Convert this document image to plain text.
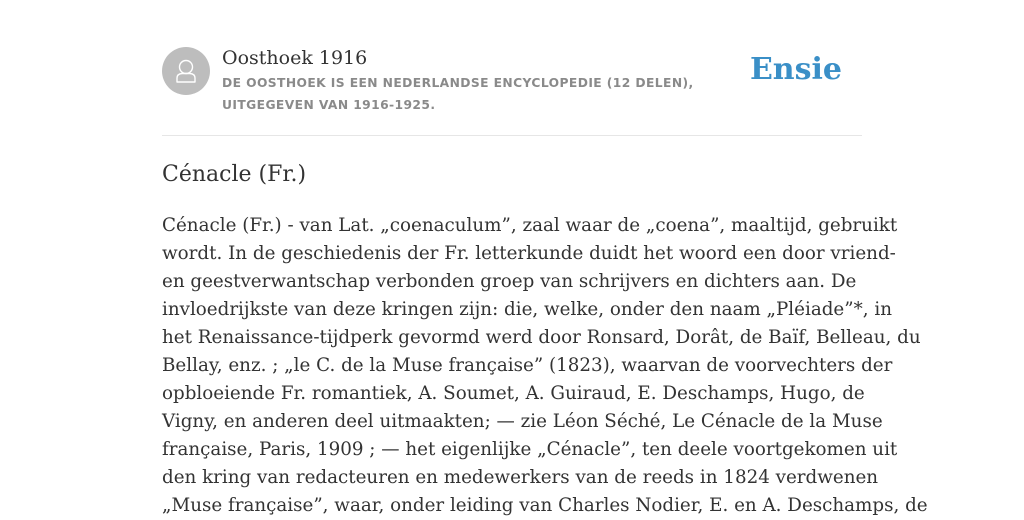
Oosthoek 1916
DE OOSTHOEK IS EEN NEDERLANDSE ENCYCLOPEDIE (12 DELEN), UITGEGEVEN VAN 1916-1925.
Ensie
Cénacle (Fr.)
Cénacle (Fr.) - van Lat. „coenaculum”, zaal waar de „coena”, maaltijd, gebruikt
wordt. In de geschiedenis der Fr. letterkunde duidt het woord een door vriend-
en geestverwantschap verbonden groep van schrijvers en dichters aan. De
invloedrijkste van deze kringen zijn: die, welke, onder den naam „Pléiade”*, in
het Renaissance-tijdperk gevormd werd door Ronsard, Dorât, de Baïf, Belleau, du
Bellay, enz. ; „le C. de la Muse française” (1823), waarvan de voorvechters der
opbloeiende Fr. romantiek, A. Soumet, A. Guiraud, E. Deschamps, Hugo, de
Vigny, en anderen deel uitmaakten; — zie Léon Séché, Le Cénacle de la Muse
française, Paris, 1909 ; — het eigenlijke „Cénacle”, ten deele voortgekomen uit
den kring van redacteuren en medewerkers van de reeds in 1824 verdwenen
„Muse française”, waar, onder leiding van Charles Nodier, E. en A. Deschamps, de
